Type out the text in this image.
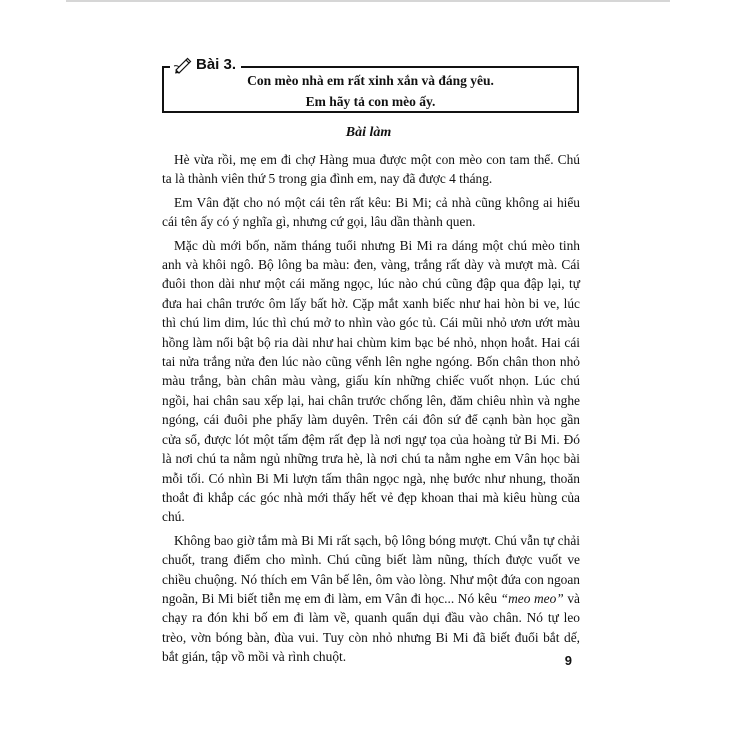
Bài 3.
Con mèo nhà em rất xinh xắn và đáng yêu.
Em hãy tả con mèo ấy.
Bài làm

Hè vừa rồi, mẹ em đi chợ Hàng mua được một con mèo con tam thể. Chú ta là thành viên thứ 5 trong gia đình em, nay đã được 4 tháng.

Em Vân đặt cho nó một cái tên rất kêu: Bi Mi; cả nhà cũng không ai hiểu cái tên ấy có ý nghĩa gì, nhưng cứ gọi, lâu dần thành quen.

Mặc dù mới bốn, năm tháng tuổi nhưng Bi Mi ra dáng một chú mèo tinh anh và khôi ngô. Bộ lông ba màu: đen, vàng, trắng rất dày và mượt mà. Cái đuôi thon dài như một cái măng ngọc, lúc nào chú cũng đập qua đập lại, tự đưa hai chân trước ôm lấy bất hờ. Cặp mắt xanh biếc như hai hòn bi ve, lúc thì chú lim dim, lúc thì chú mở to nhìn vào góc tủ. Cái mũi nhỏ ươn ướt màu hồng làm nổi bật bộ ria dài như hai chùm kim bạc bé nhỏ, nhọn hoắt. Hai cái tai nửa trắng nửa đen lúc nào cũng vểnh lên nghe ngóng. Bốn chân thon nhỏ màu trắng, bàn chân màu vàng, giấu kín những chiếc vuốt nhọn. Lúc chú ngồi, hai chân sau xếp lại, hai chân trước chống lên, đăm chiêu nhìn và nghe ngóng, cái đuôi phe phẩy làm duyên. Trên cái đôn sứ để cạnh bàn học gần cửa sổ, được lót một tấm đệm rất đẹp là nơi ngự tọa của hoàng tử Bi Mi. Đó là nơi chú ta nằm ngủ những trưa hè, là nơi chú ta nằm nghe em Vân học bài mỗi tối. Có nhìn Bi Mi lượn tấm thân ngọc ngà, nhẹ bước như nhung, thoăn thoắt đi khắp các góc nhà mới thấy hết vẻ đẹp khoan thai mà kiêu hùng của chú.

Không bao giờ tắm mà Bi Mi rất sạch, bộ lông bóng mượt. Chú vẫn tự chải chuốt, trang điểm cho mình. Chú cũng biết làm nũng, thích được vuốt ve chiều chuộng. Nó thích em Vân bế lên, ôm vào lòng. Như một đứa con ngoan ngoãn, Bi Mi biết tiễn mẹ em đi làm, em Vân đi học... Nó kêu “meo meo” và chạy ra đón khi bố em đi làm về, quanh quẩn dụi đầu vào chân. Nó tự leo trèo, vờn bóng bàn, đùa vui. Tuy còn nhỏ nhưng Bi Mi đã biết đuổi bắt dế, bắt gián, tập vồ mồi và rình chuột.	9
